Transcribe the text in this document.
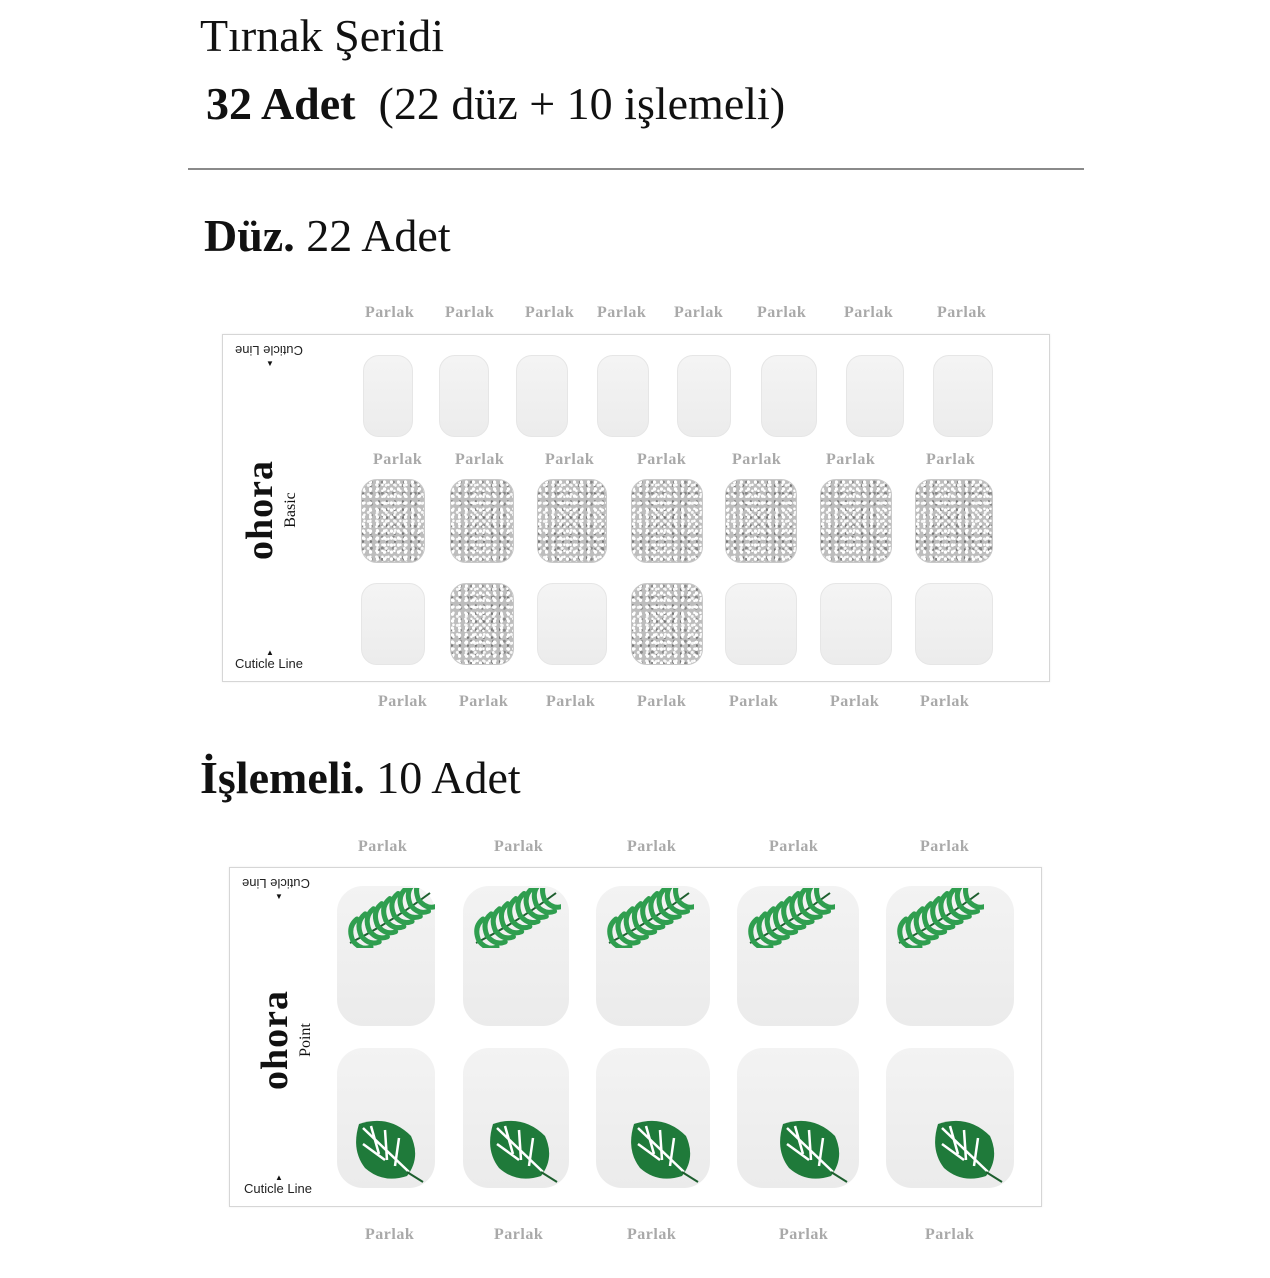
Tırnak Şeridi
32 Adet (22 düz + 10 işlemeli)
Düz. 22 Adet
Parlak Parlak Parlak Parlak Parlak Parlak Parlak	Parlak
Cuticle Line
▼
▲
Cuticle Line
ohora Basic
Parlak Parlak	Parlak	Parlak	Parlak	Parlak	Parlak
Parlak Parlak Parlak	Parlak	Parlak	Parlak	Parlak
İşlemeli. 10 Adet
Parlak	Parlak	Parlak	Parlak	Parlak
Cuticle Line
▼
▲
Cuticle Line
ohora Point
Parlak	Parlak	Parlak	Parlak	Parlak
